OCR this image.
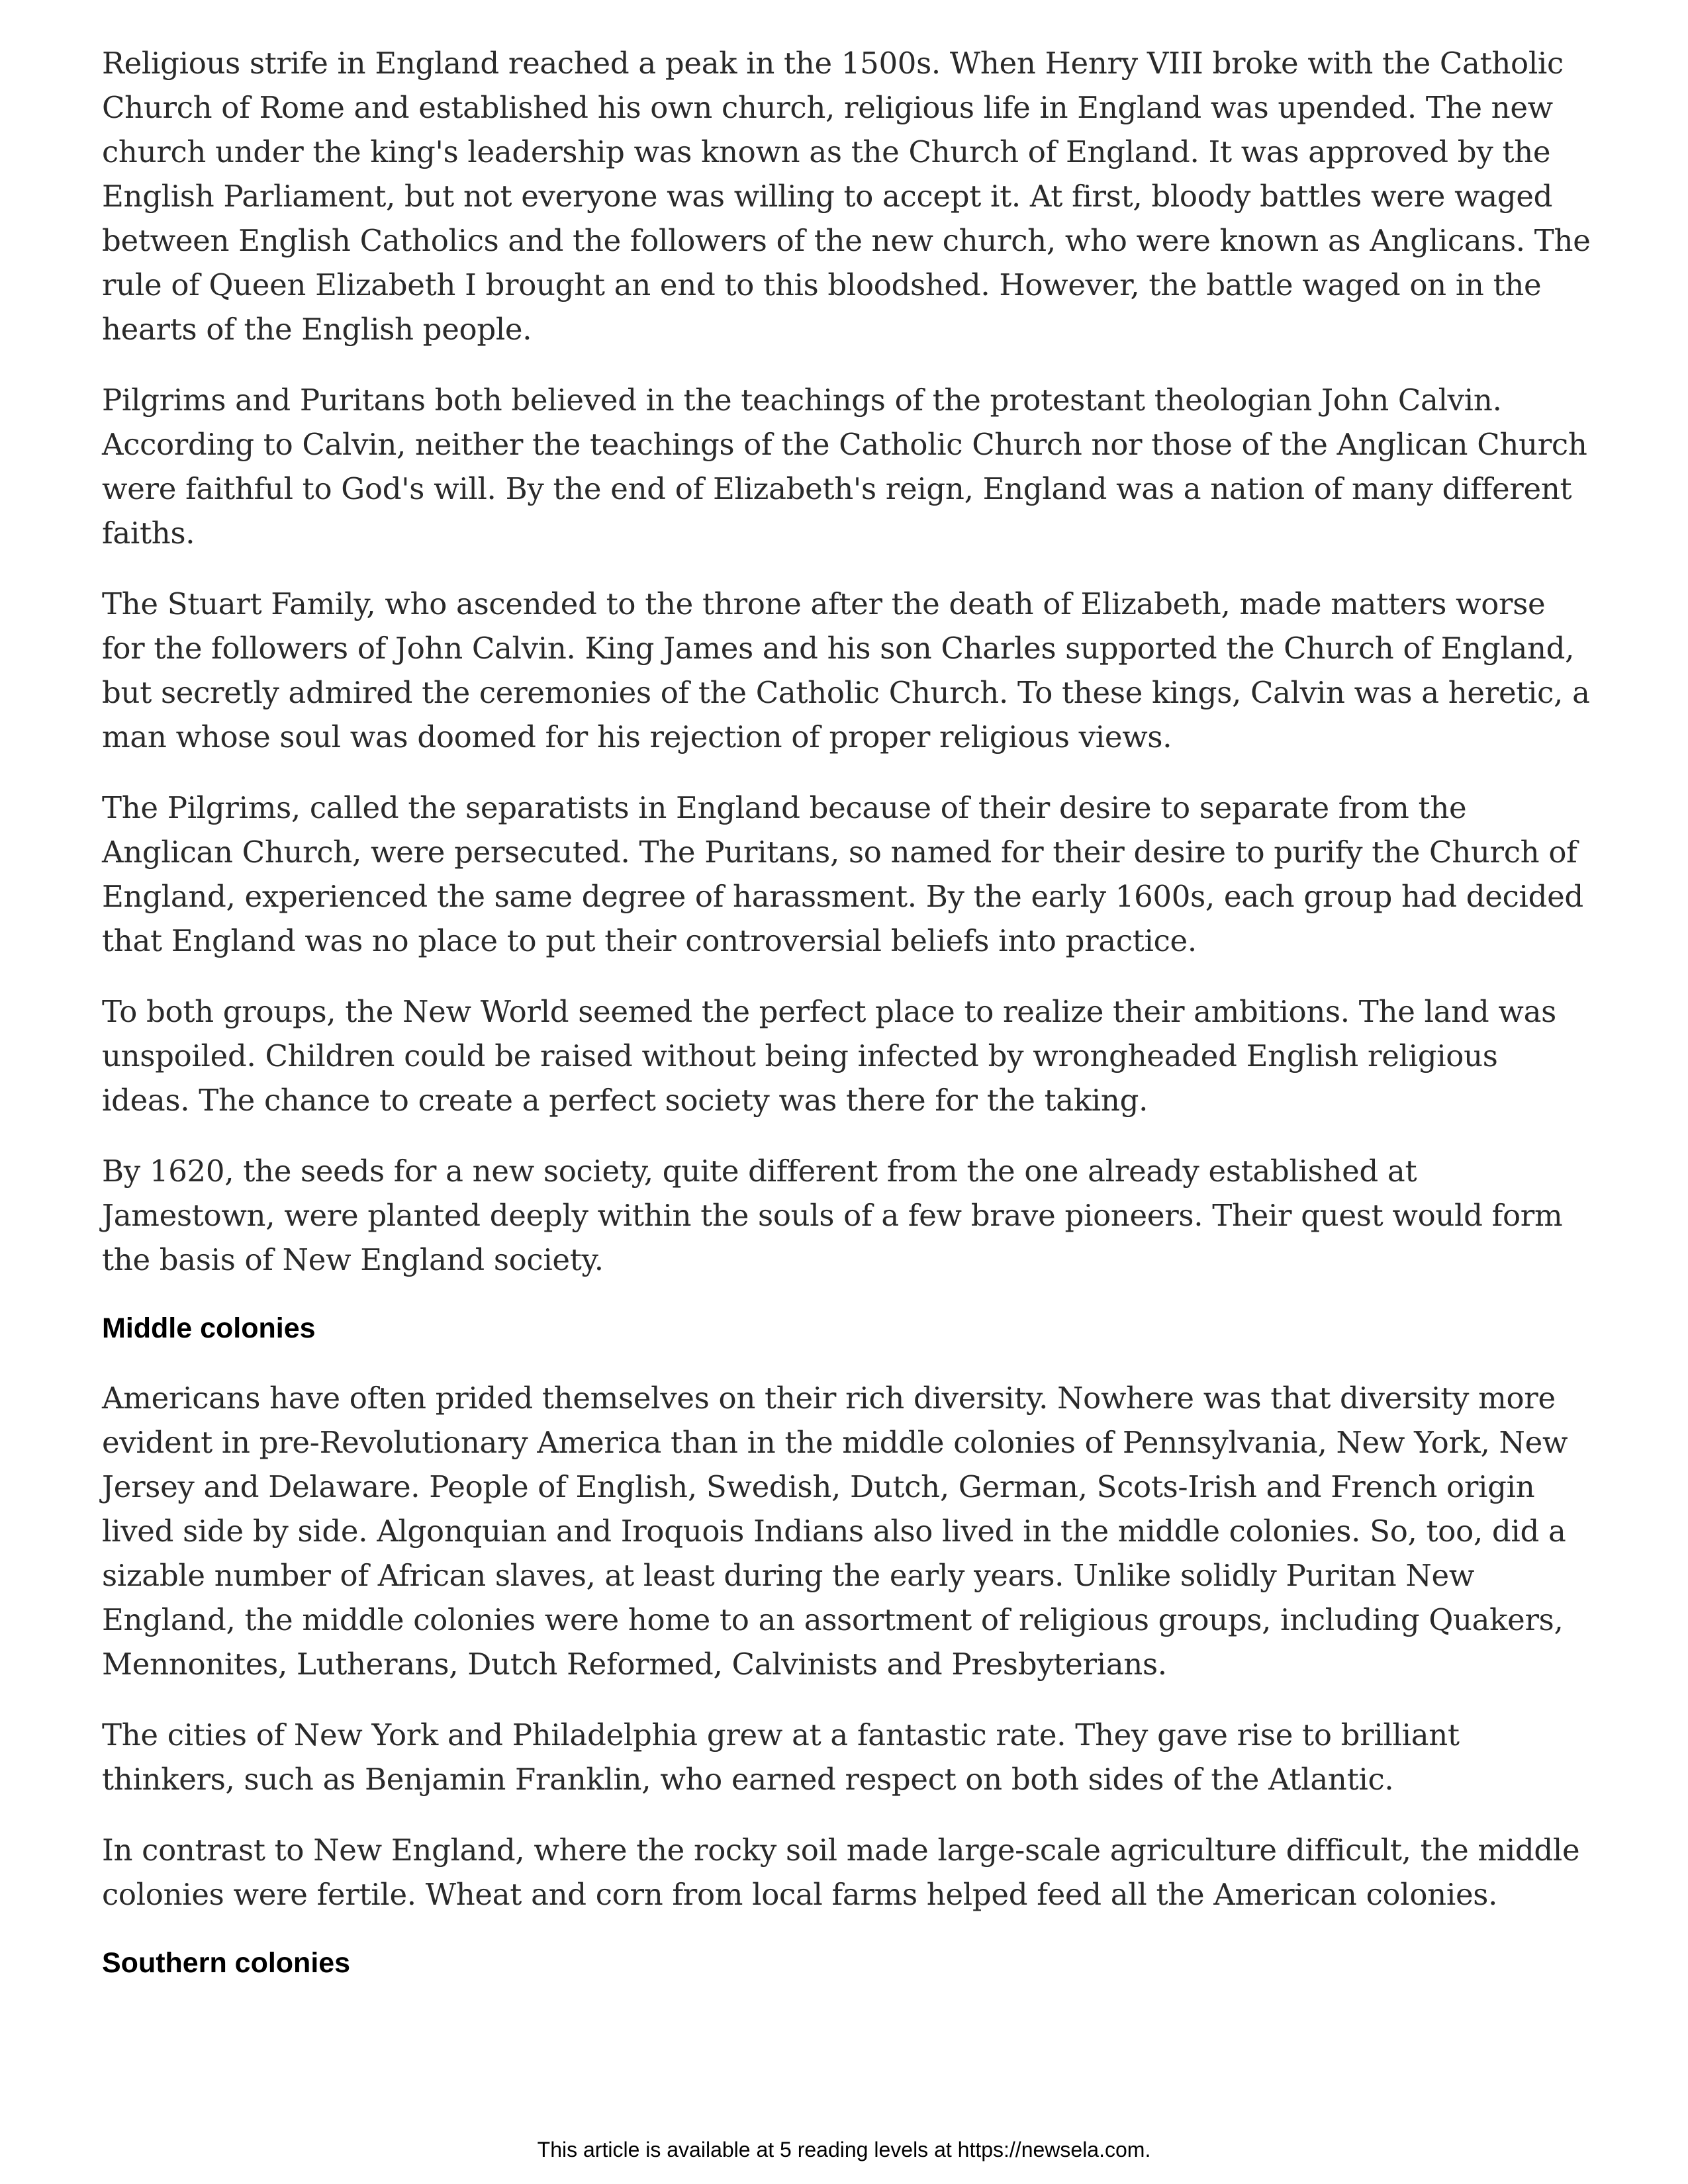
Religious strife in England reached a peak in the 1500s. When Henry VIII broke with the Catholic Church of Rome and established his own church, religious life in England was upended. The new church under the king's leadership was known as the Church of England. It was approved by the English Parliament, but not everyone was willing to accept it. At first, bloody battles were waged between English Catholics and the followers of the new church, who were known as Anglicans. The rule of Queen Elizabeth I brought an end to this bloodshed. However, the battle waged on in the hearts of the English people.

Pilgrims and Puritans both believed in the teachings of the protestant theologian John Calvin. According to Calvin, neither the teachings of the Catholic Church nor those of the Anglican Church were faithful to God's will. By the end of Elizabeth's reign, England was a nation of many different faiths.

The Stuart Family, who ascended to the throne after the death of Elizabeth, made matters worse for the followers of John Calvin. King James and his son Charles supported the Church of England, but secretly admired the ceremonies of the Catholic Church. To these kings, Calvin was a heretic, a man whose soul was doomed for his rejection of proper religious views.

The Pilgrims, called the separatists in England because of their desire to separate from the Anglican Church, were persecuted. The Puritans, so named for their desire to purify the Church of England, experienced the same degree of harassment. By the early 1600s, each group had decided that England was no place to put their controversial beliefs into practice.

To both groups, the New World seemed the perfect place to realize their ambitions. The land was unspoiled. Children could be raised without being infected by wrongheaded English religious ideas. The chance to create a perfect society was there for the taking.

By 1620, the seeds for a new society, quite different from the one already established at Jamestown, were planted deeply within the souls of a few brave pioneers. Their quest would form the basis of New England society.

Middle colonies

Americans have often prided themselves on their rich diversity. Nowhere was that diversity more evident in pre-Revolutionary America than in the middle colonies of Pennsylvania, New York, New Jersey and Delaware. People of English, Swedish, Dutch, German, Scots-Irish and French origin lived side by side. Algonquian and Iroquois Indians also lived in the middle colonies. So, too, did a sizable number of African slaves, at least during the early years. Unlike solidly Puritan New England, the middle colonies were home to an assortment of religious groups, including Quakers, Mennonites, Lutherans, Dutch Reformed, Calvinists and Presbyterians.

The cities of New York and Philadelphia grew at a fantastic rate. They gave rise to brilliant thinkers, such as Benjamin Franklin, who earned respect on both sides of the Atlantic.

In contrast to New England, where the rocky soil made large-scale agriculture difficult, the middle colonies were fertile. Wheat and corn from local farms helped feed all the American colonies.

Southern colonies
This article is available at 5 reading levels at https://newsela.com.
